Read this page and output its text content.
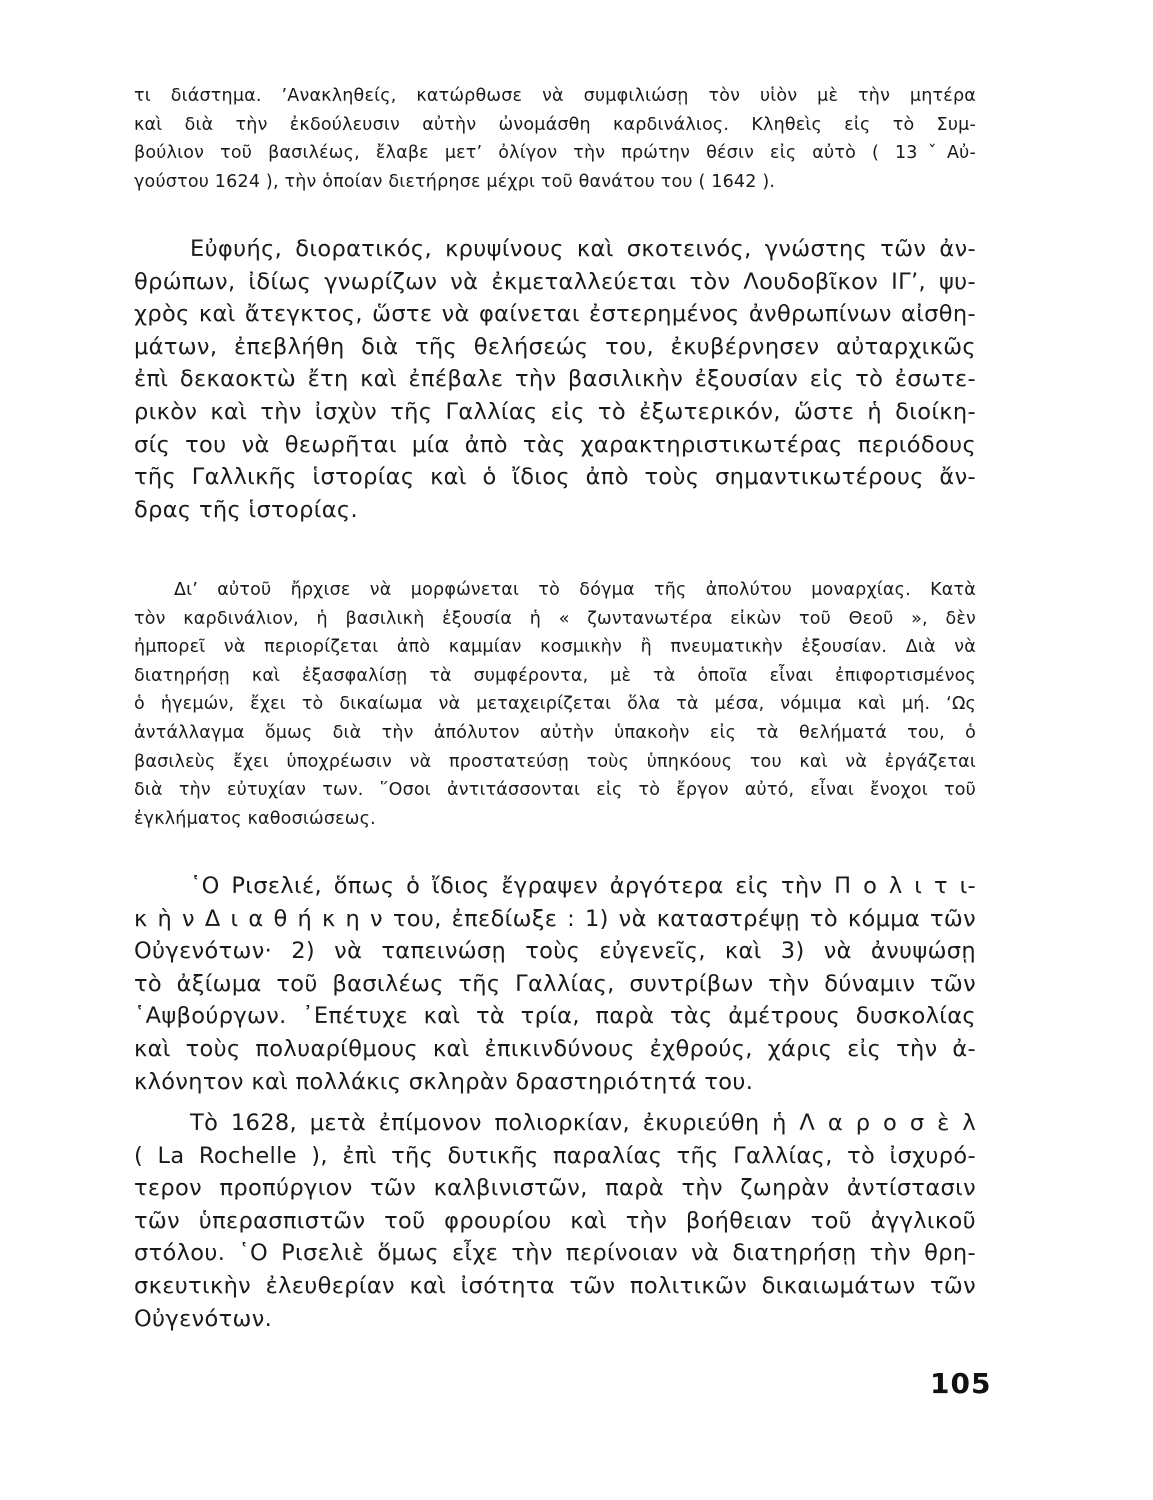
τι διάστημα. ’Ανακληθείς, κατώρθωσε νὰ συμφιλιώσῃ τὸν υἱὸν μὲ τὴν μητέρα
καὶ διὰ τὴν ἐκδούλευσιν αὐτὴν ὠνομάσθη καρδινάλιος. Κληθεὶς εἰς τὸ Συμ-
βούλιον τοῦ βασιλέως, ἔλαβε μετ’ ὀλίγον τὴν πρώτην θέσιν εἰς αὐτὸ ( 13ˇΑὐ-
γούστου 1624 ), τὴν ὁποίαν διετήρησε μέχρι τοῦ θανάτου του ( 1642 ).
Εὐφυής, διορατικός, κρυψίνους καὶ σκοτεινός, γνώστης τῶν ἀν-
θρώπων, ἰδίως γνωρίζων νὰ ἐκμεταλλεύεται τὸν Λουδοβῖκον ΙΓ’, ψυ-
χρὸς καὶ ἄτεγκτος, ὥστε νὰ φαίνεται ἐστερημένος ἀνθρωπίνων αἰσθη-
μάτων, ἐπεβλήθη διὰ τῆς θελήσεώς του, ἐκυβέρνησεν αὐταρχικῶς
ἐπὶ δεκαοκτὼ ἔτη καὶ ἐπέβαλε τὴν βασιλικὴν ἐξουσίαν εἰς τὸ ἐσωτε-
ρικὸν καὶ τὴν ἰσχὺν τῆς Γαλλίας εἰς τὸ ἐξωτερικόν, ὥστε ἡ διοίκη-
σίς του νὰ θεωρῆται μία ἀπὸ τὰς χαρακτηριστικωτέρας περιόδους
τῆς Γαλλικῆς ἱστορίας καὶ ὁ ἴδιος ἀπὸ τοὺς σημαντικωτέρους ἄν-
δρας τῆς ἱστορίας.
Δι’ αὐτοῦ ἤρχισε νὰ μορφώνεται τὸ δόγμα τῆς ἀπολύτου μοναρχίας. Κατὰ
τὸν καρδινάλιον, ἡ βασιλικὴ ἐξουσία ἡ « ζωντανωτέρα εἰκὼν τοῦ Θεοῦ », δὲν
ἠμπορεῖ νὰ περιορίζεται ἀπὸ καμμίαν κοσμικὴν ἢ πνευματικὴν ἐξουσίαν. Διὰ νὰ
διατηρήσῃ καὶ ἐξασφαλίσῃ τὰ συμφέροντα, μὲ τὰ ὁποῖα εἶναι ἐπιφορτισμένος
ὁ ἡγεμών, ἔχει τὸ δικαίωμα νὰ μεταχειρίζεται ὅλα τὰ μέσα, νόμιμα καὶ μή. ‘Ως
ἀντάλλαγμα ὅμως διὰ τὴν ἀπόλυτον αὐτὴν ὑπακοὴν εἰς τὰ θελήματά του, ὁ
βασιλεὺς ἔχει ὑποχρέωσιν νὰ προστατεύσῃ τοὺς ὑπηκόους του καὶ νὰ ἐργάζεται
διὰ τὴν εὐτυχίαν των. ῞Οσοι ἀντιτάσσονται εἰς τὸ ἔργον αὐτό, εἶναι ἔνοχοι τοῦ
ἐγκλήματος καθοσιώσεως.
῾Ο Ρισελιέ, ὅπως ὁ ἴδιος ἔγραψεν ἀργότερα εἰς τὴν Π ο λ ι τ ι-
κ ὴ ν Δ ι α θ ή κ η ν του, ἐπεδίωξε : 1) νὰ καταστρέψῃ τὸ κόμμα τῶν
Οὐγενότων· 2) νὰ ταπεινώσῃ τοὺς εὐγενεῖς, καὶ 3) νὰ ἀνυψώσῃ
τὸ ἀξίωμα τοῦ βασιλέως τῆς Γαλλίας, συντρίβων τὴν δύναμιν τῶν
῾Αψβούργων. ᾿Επέτυχε καὶ τὰ τρία, παρὰ τὰς ἀμέτρους δυσκολίας
καὶ τοὺς πολυαρίθμους καὶ ἐπικινδύνους ἐχθρούς, χάρις εἰς τὴν ἀ-
κλόνητον καὶ πολλάκις σκληρὰν δραστηριότητά του.
Τὸ 1628, μετὰ ἐπίμονον πολιορκίαν, ἐκυριεύθη ἡ Λ α ρ ο σ ὲ λ
( La Rochelle ), ἐπὶ τῆς δυτικῆς παραλίας τῆς Γαλλίας, τὸ ἰσχυρό-
τερον προπύργιον τῶν καλβινιστῶν, παρὰ τὴν ζωηρὰν ἀντίστασιν
τῶν ὑπερασπιστῶν τοῦ φρουρίου καὶ τὴν βοήθειαν τοῦ ἀγγλικοῦ
στόλου. ῾Ο Ρισελιὲ ὅμως εἶχε τὴν περίνοιαν νὰ διατηρήσῃ τὴν θρη-
σκευτικὴν ἐλευθερίαν καὶ ἰσότητα τῶν πολιτικῶν δικαιωμάτων τῶν
Οὐγενότων.
105
